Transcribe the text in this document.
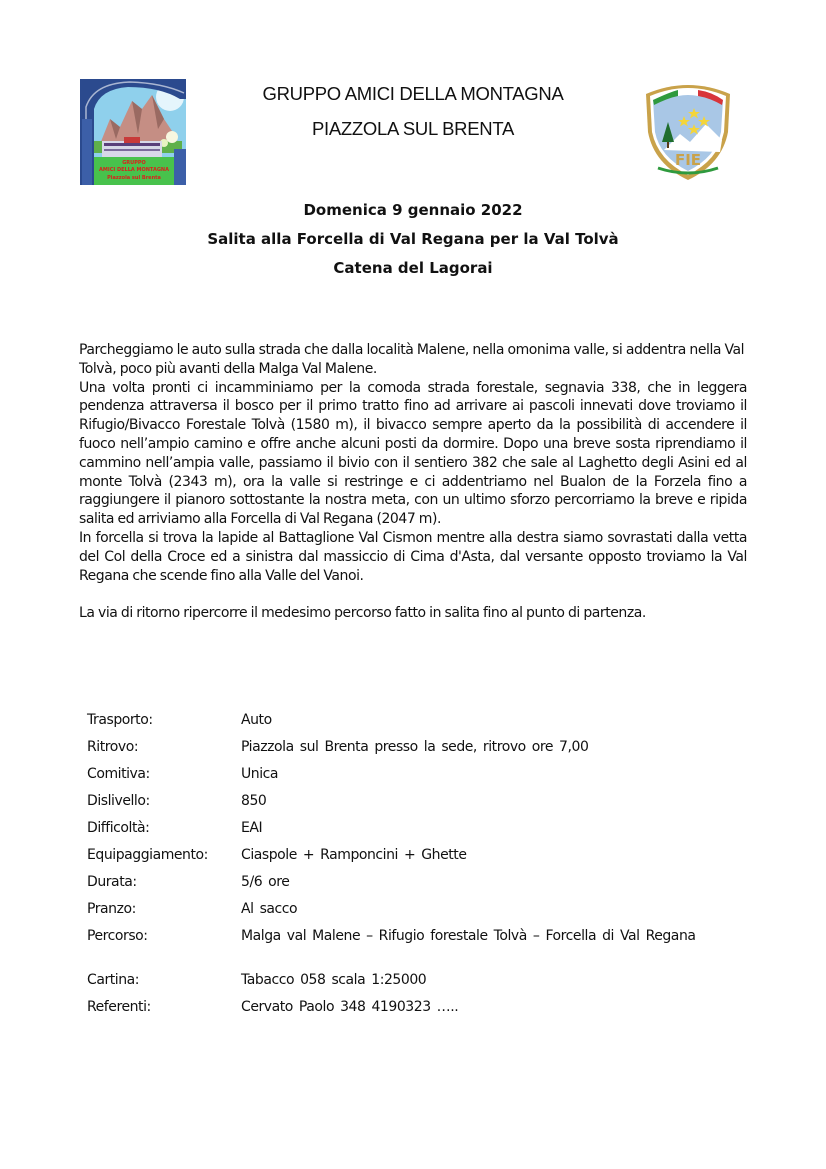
GRUPPO
AMICI DELLA MONTAGNA
Piazzola sul Brenta
GRUPPO AMICI DELLA MONTAGNA
PIAZZOLA SUL BRENTA
FIE
Domenica 9 gennaio 2022
Salita alla Forcella di Val Regana per la Val Tolvà
Catena del Lagorai

Parcheggiamo le auto sulla strada che dalla località Malene, nella omonima valle, si addentra nella Val Tolvà, poco più avanti della Malga Val Malene.

Una volta pronti ci incamminiamo per la comoda strada forestale, segnavia 338, che in leggera pendenza attraversa il bosco per il primo tratto fino ad arrivare ai pascoli innevati dove troviamo il Rifugio/Bivacco Forestale Tolvà (1580 m), il bivacco sempre aperto da la possibilità di accendere il fuoco nell’ampio camino e offre anche alcuni posti da dormire. Dopo una breve sosta riprendiamo il cammino nell’ampia valle, passiamo il bivio con il sentiero 382 che sale al Laghetto degli Asini ed al monte Tolvà (2343 m), ora la valle si restringe e ci addentriamo nel Bualon de la Forzela fino a raggiungere il pianoro sottostante la nostra meta, con un ultimo sforzo percorriamo la breve e ripida salita ed arriviamo alla Forcella di Val Regana (2047 m).

In forcella si trova la lapide al Battaglione Val Cismon mentre alla destra siamo sovrastati dalla vetta del Col della Croce ed a sinistra dal massiccio di Cima d'Asta, dal versante opposto troviamo la Val Regana che scende fino alla Valle del Vanoi.

La via di ritorno ripercorre il medesimo percorso fatto in salita fino al punto di partenza.

Trasporto:	Auto
Ritrovo:	Piazzola sul Brenta presso la sede, ritrovo ore 7,00
Comitiva:	Unica
Dislivello:	850
Difficoltà:	EAI
Equipaggiamento:	Ciaspole + Ramponcini + Ghette
Durata:	5/6 ore
Pranzo:	Al sacco
Percorso:	Malga val Malene – Rifugio forestale Tolvà – Forcella di Val Regana
Cartina:	Tabacco 058 scala 1:25000
Referenti:	Cervato Paolo 348 4190323 …..
